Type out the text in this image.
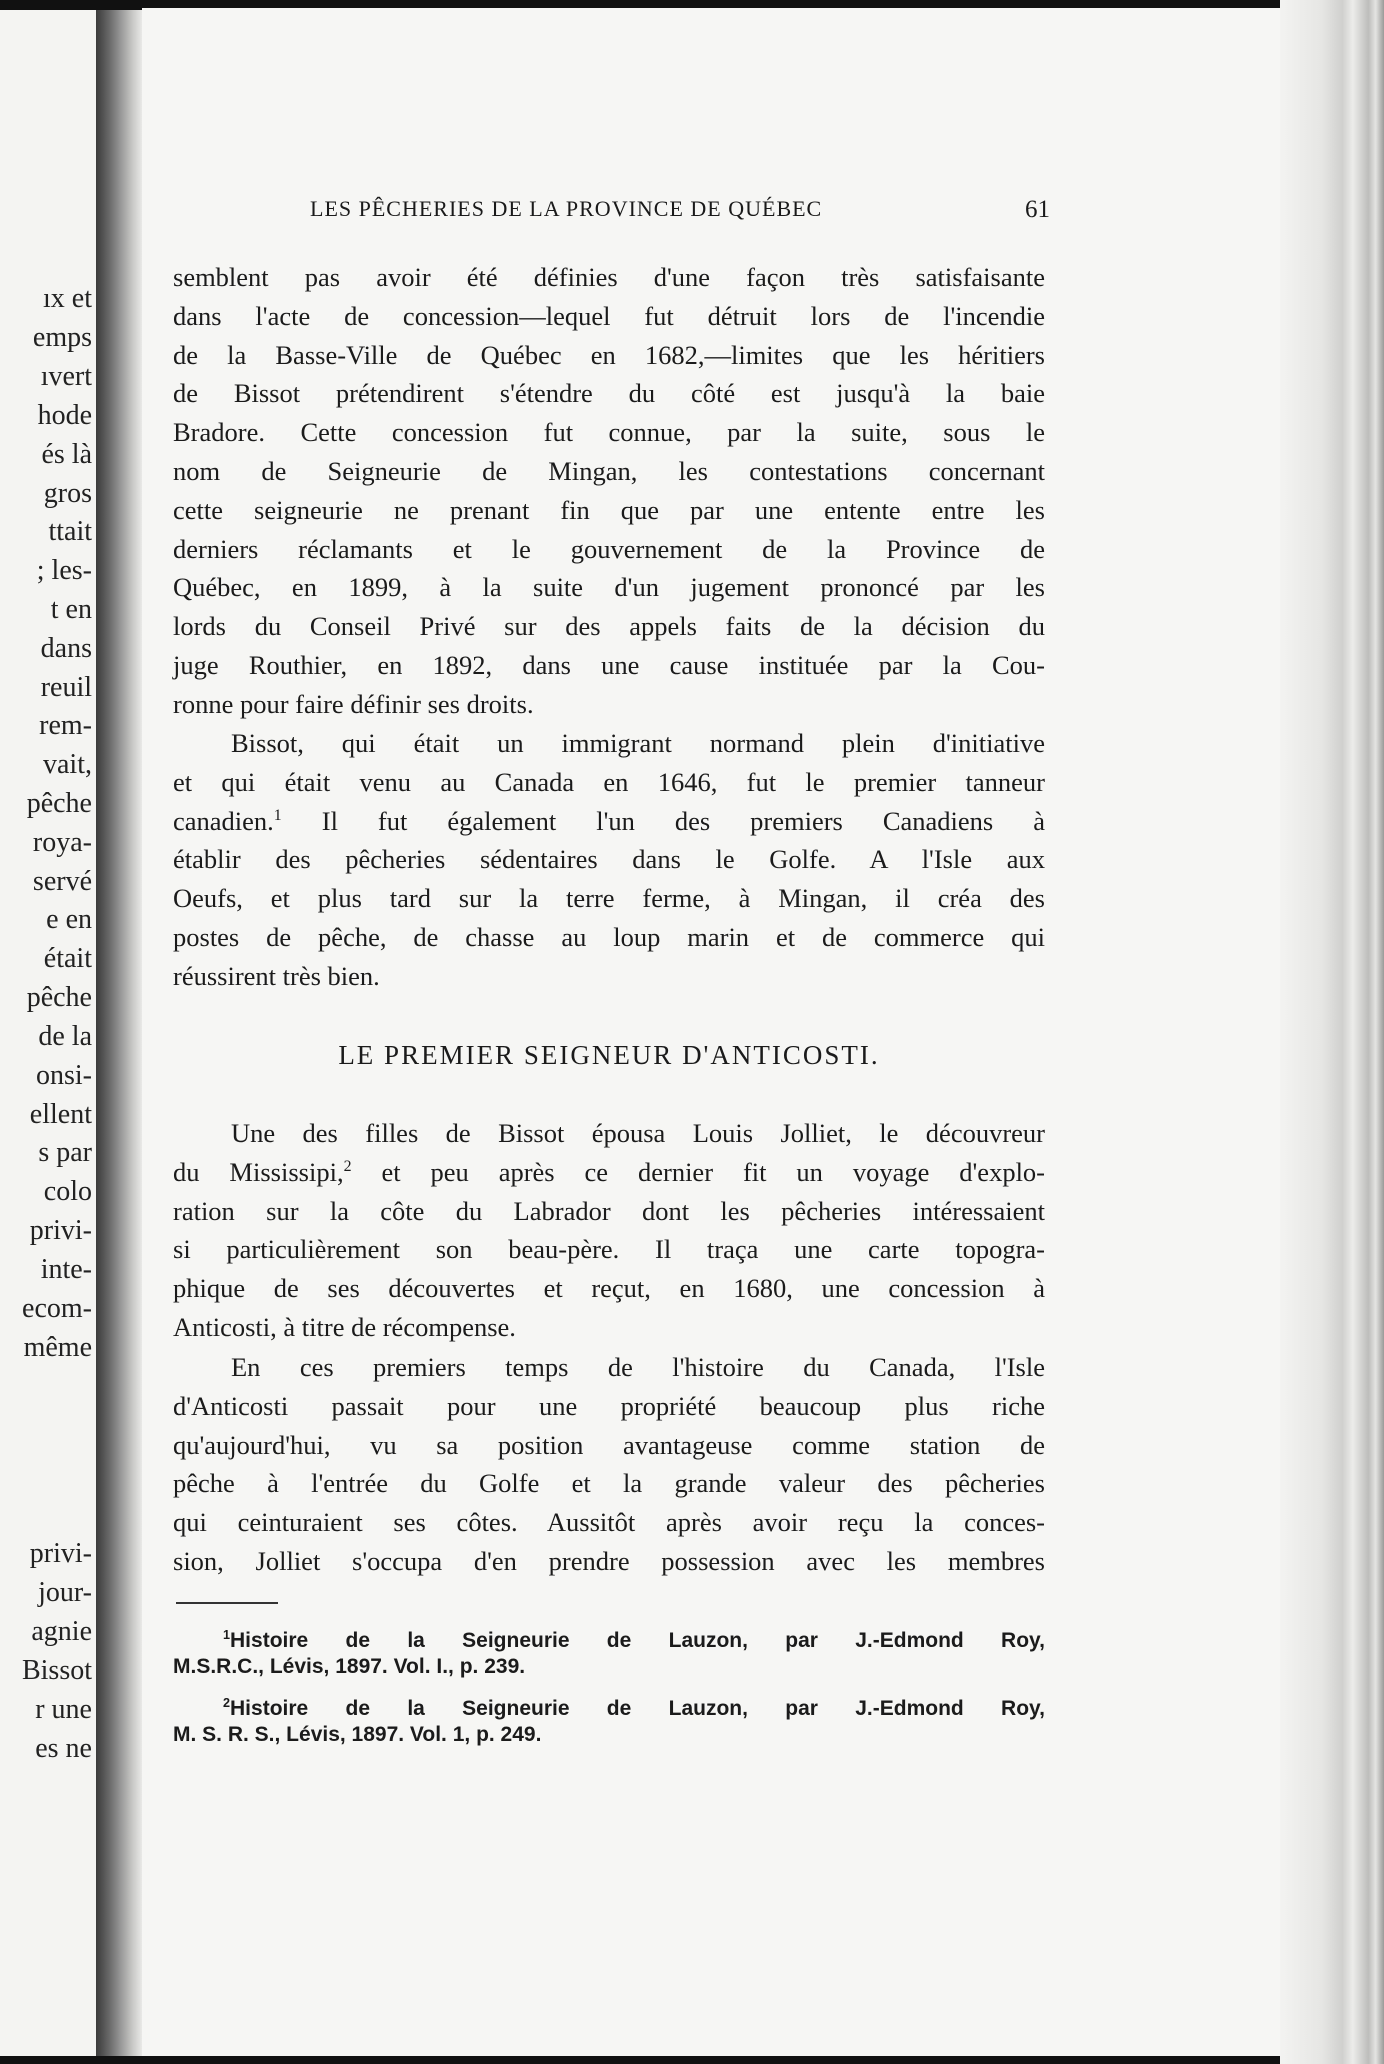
ıx et
emps
ıvert
hode
és là
gros
ttait
; les-
t en
dans
reuil
rem-
vait,
pêche
roya-
servé
e en
était
pêche
de la
onsi-
ellent
s par
colo
privi-
inte-
ecom-
même
privi-
jour-
agnie
Bissot
r une
es ne
LES PÊCHERIES DE LA PROVINCE DE QUÉBEC	61
semblent pas avoir été définies d'une façon très satisfaisante
dans l'acte de concession—lequel fut détruit lors de l'incendie
de la Basse-Ville de Québec en 1682,—limites que les héritiers
de Bissot prétendirent s'étendre du côté est jusqu'à la baie
Bradore. Cette concession fut connue, par la suite, sous le
nom de Seigneurie de Mingan, les contestations concernant
cette seigneurie ne prenant fin que par une entente entre les
derniers réclamants et le gouvernement de la Province de
Québec, en 1899, à la suite d'un jugement prononcé par les
lords du Conseil Privé sur des appels faits de la décision du
juge Routhier, en 1892, dans une cause instituée par la Cou-
ronne pour faire définir ses droits.
Bissot, qui était un immigrant normand plein d'initiative
et qui était venu au Canada en 1646, fut le premier tanneur
canadien.$^1$ Il fut également l'un des premiers Canadiens à
établir des pêcheries sédentaires dans le Golfe. A l'Isle aux
Oeufs, et plus tard sur la terre ferme, à Mingan, il créa des
postes de pêche, de chasse au loup marin et de commerce qui
réussirent très bien.
LE PREMIER SEIGNEUR D'ANTICOSTI.
Une des filles de Bissot épousa Louis Jolliet, le découvreur
du Mississipi,$^2$ et peu après ce dernier fit un voyage d'explo-
ration sur la côte du Labrador dont les pêcheries intéressaient
si particulièrement son beau-père. Il traça une carte topogra-
phique de ses découvertes et reçut, en 1680, une concession à
Anticosti, à titre de récompense.
En ces premiers temps de l'histoire du Canada, l'Isle
d'Anticosti passait pour une propriété beaucoup plus riche
qu'aujourd'hui, vu sa position avantageuse comme station de
pêche à l'entrée du Golfe et la grande valeur des pêcheries
qui ceinturaient ses côtes. Aussitôt après avoir reçu la conces-
sion, Jolliet s'occupa d'en prendre possession avec les membres
$^1$Histoire de la Seigneurie de Lauzon, par J.-Edmond Roy,
M.S.R.C., Lévis, 1897. Vol. I., p. 239.
$^2$Histoire de la Seigneurie de Lauzon, par J.-Edmond Roy,
M. S. R. S., Lévis, 1897. Vol. 1, p. 249.
